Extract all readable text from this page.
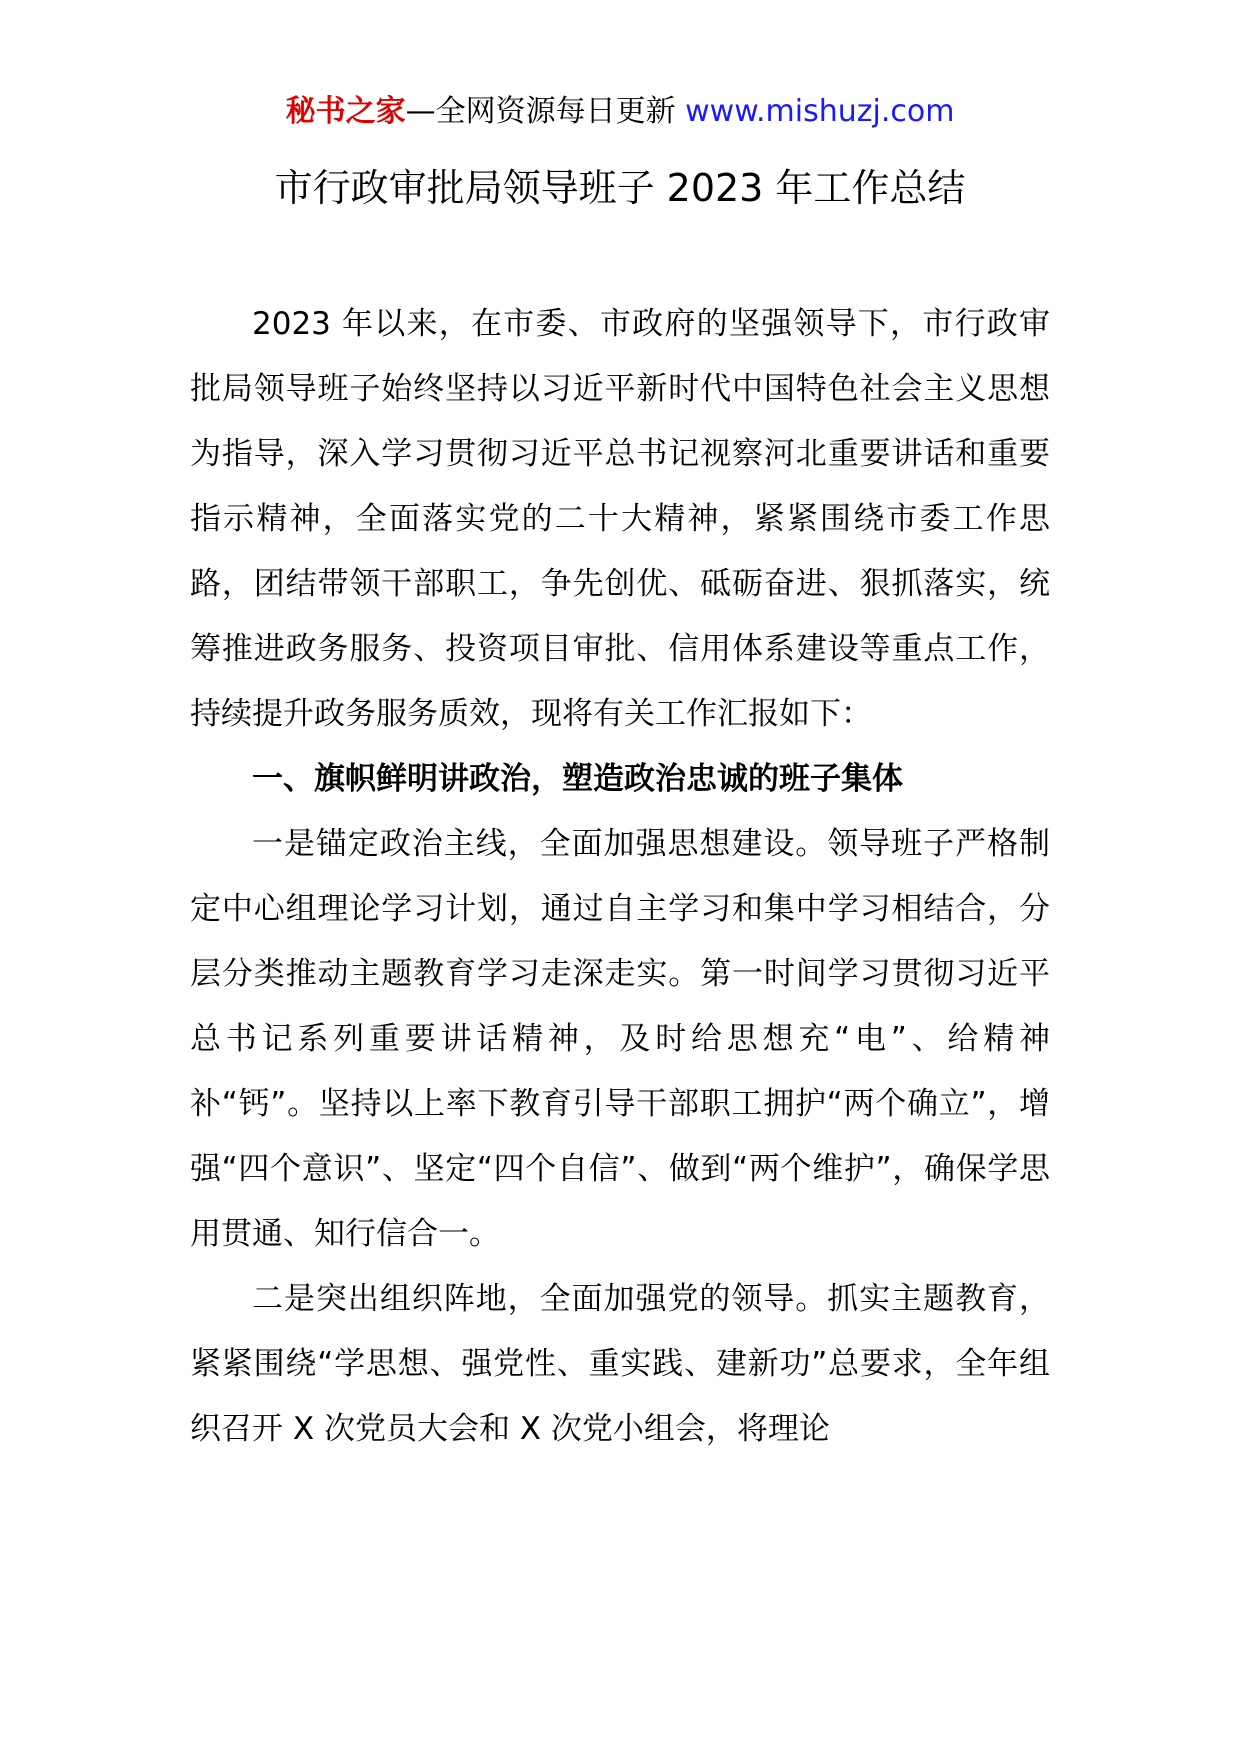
秘书之家—全网资源每日更新 www.mishuzj.com
市行政审批局领导班子 2023 年工作总结

2023 年以来，在市委、市政府的坚强领导下，市行政审批局领导班子始终坚持以习近平新时代中国特色社会主义思想为指导，深入学习贯彻习近平总书记视察河北重要讲话和重要指示精神，全面落实党的二十大精神，紧紧围绕市委工作思路，团结带领干部职工，争先创优、砥砺奋进、狠抓落实，统筹推进政务服务、投资项目审批、信用体系建设等重点工作，持续提升政务服务质效，现将有关工作汇报如下：

一、旗帜鲜明讲政治，塑造政治忠诚的班子集体

一是锚定政治主线，全面加强思想建设。领导班子严格制定中心组理论学习计划，通过自主学习和集中学习相结合，分层分类推动主题教育学习走深走实。第一时间学习贯彻习近平总书记系列重要讲话精神，及时给思想充“电”、给精神补“钙”。坚持以上率下教育引导干部职工拥护“两个确立”，增强“四个意识”、坚定“四个自信”、做到“两个维护”，确保学思用贯通、知行信合一。

二是突出组织阵地，全面加强党的领导。抓实主题教育，紧紧围绕“学思想、强党性、重实践、建新功”总要求，全年组织召开 X 次党员大会和 X 次党小组会，将理论
